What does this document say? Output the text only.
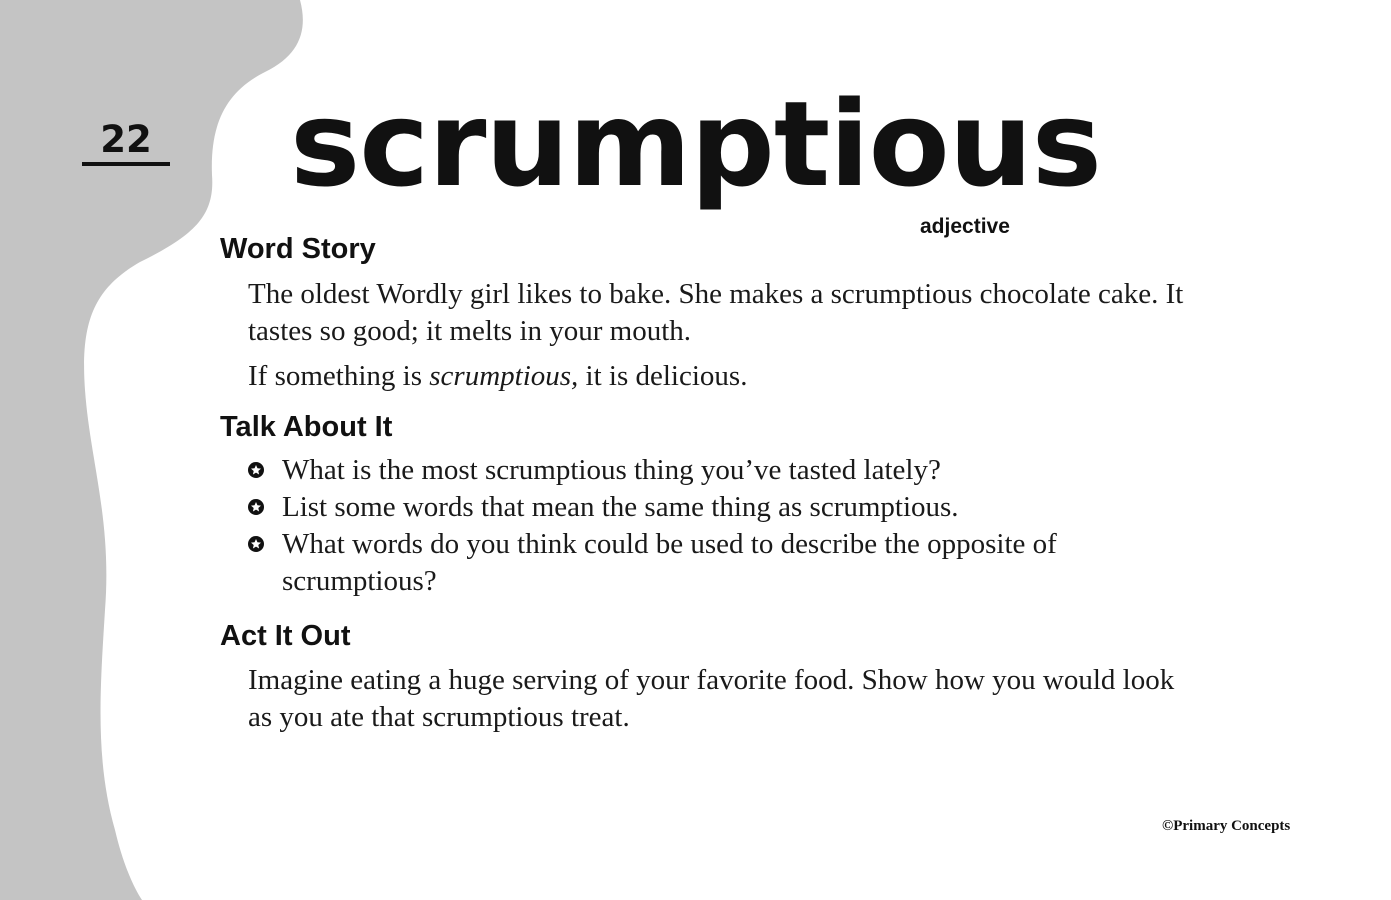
22	scrumptious
adjective
Word Story

The oldest Wordly girl likes to bake. She makes a scrumptious chocolate cake. It tastes so good; it melts in your mouth.

If something is scrumptious, it is delicious.

Talk About It
What is the most scrumptious thing you’ve tasted lately?
List some words that mean the same thing as scrumptious.
What words do you think could be used to describe the opposite of scrumptious?
Act It Out

Imagine eating a huge serving of your favorite food. Show how you would look as you ate that scrumptious treat.

©Primary Concepts
